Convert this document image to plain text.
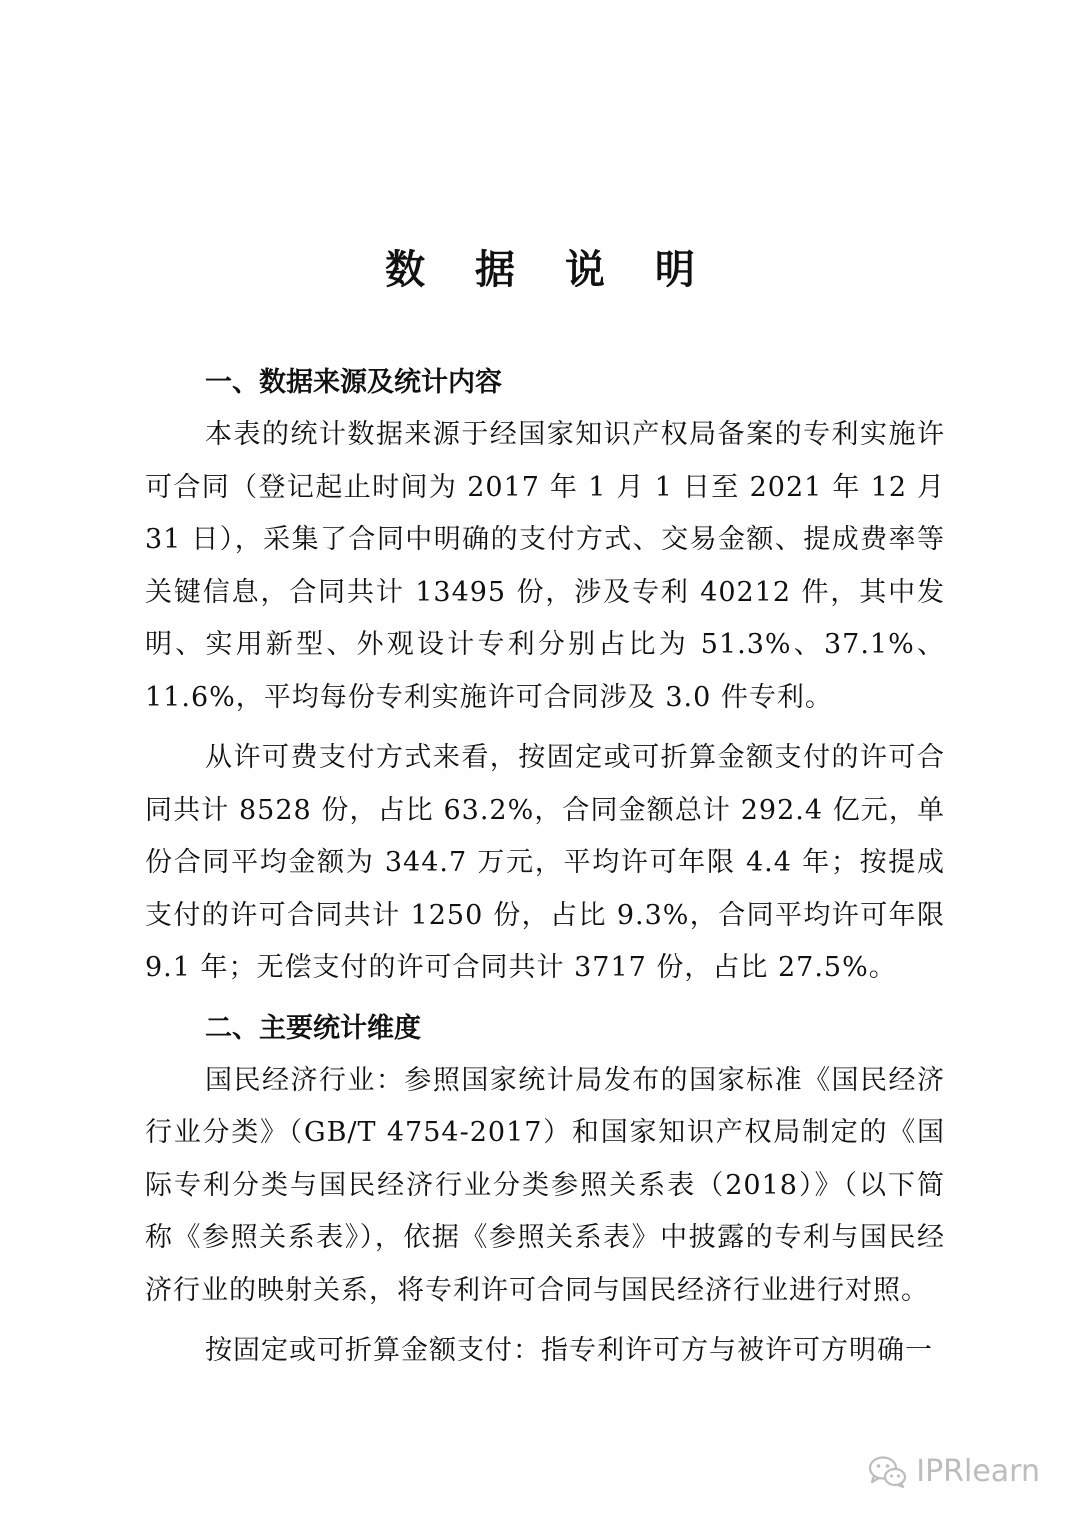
数 据 说 明
一、数据来源及统计内容

本表的统计数据来源于经国家知识产权局备案的专利实施许可合同（登记起止时间为 2017 年 1 月 1 日至 2021 年 12 月 31 日），采集了合同中明确的支付方式、交易金额、提成费率等关键信息，合同共计 13495 份，涉及专利 40212 件，其中发明、实用新型、外观设计专利分别占比为 51.3%、37.1%、11.6%，平均每份专利实施许可合同涉及 3.0 件专利。

从许可费支付方式来看，按固定或可折算金额支付的许可合同共计 8528 份，占比 63.2%，合同金额总计 292.4 亿元，单份合同平均金额为 344.7 万元，平均许可年限 4.4 年；按提成支付的许可合同共计 1250 份，占比 9.3%，合同平均许可年限 9.1 年；无偿支付的许可合同共计 3717 份，占比 27.5%。

二、主要统计维度

国民经济行业：参照国家统计局发布的国家标准《国民经济行业分类》（GB/T 4754-2017）和国家知识产权局制定的《国际专利分类与国民经济行业分类参照关系表（2018）》（以下简称《参照关系表》），依据《参照关系表》中披露的专利与国民经济行业的映射关系，将专利许可合同与国民经济行业进行对照。

按固定或可折算金额支付：指专利许可方与被许可方明确一

IPRlearn
